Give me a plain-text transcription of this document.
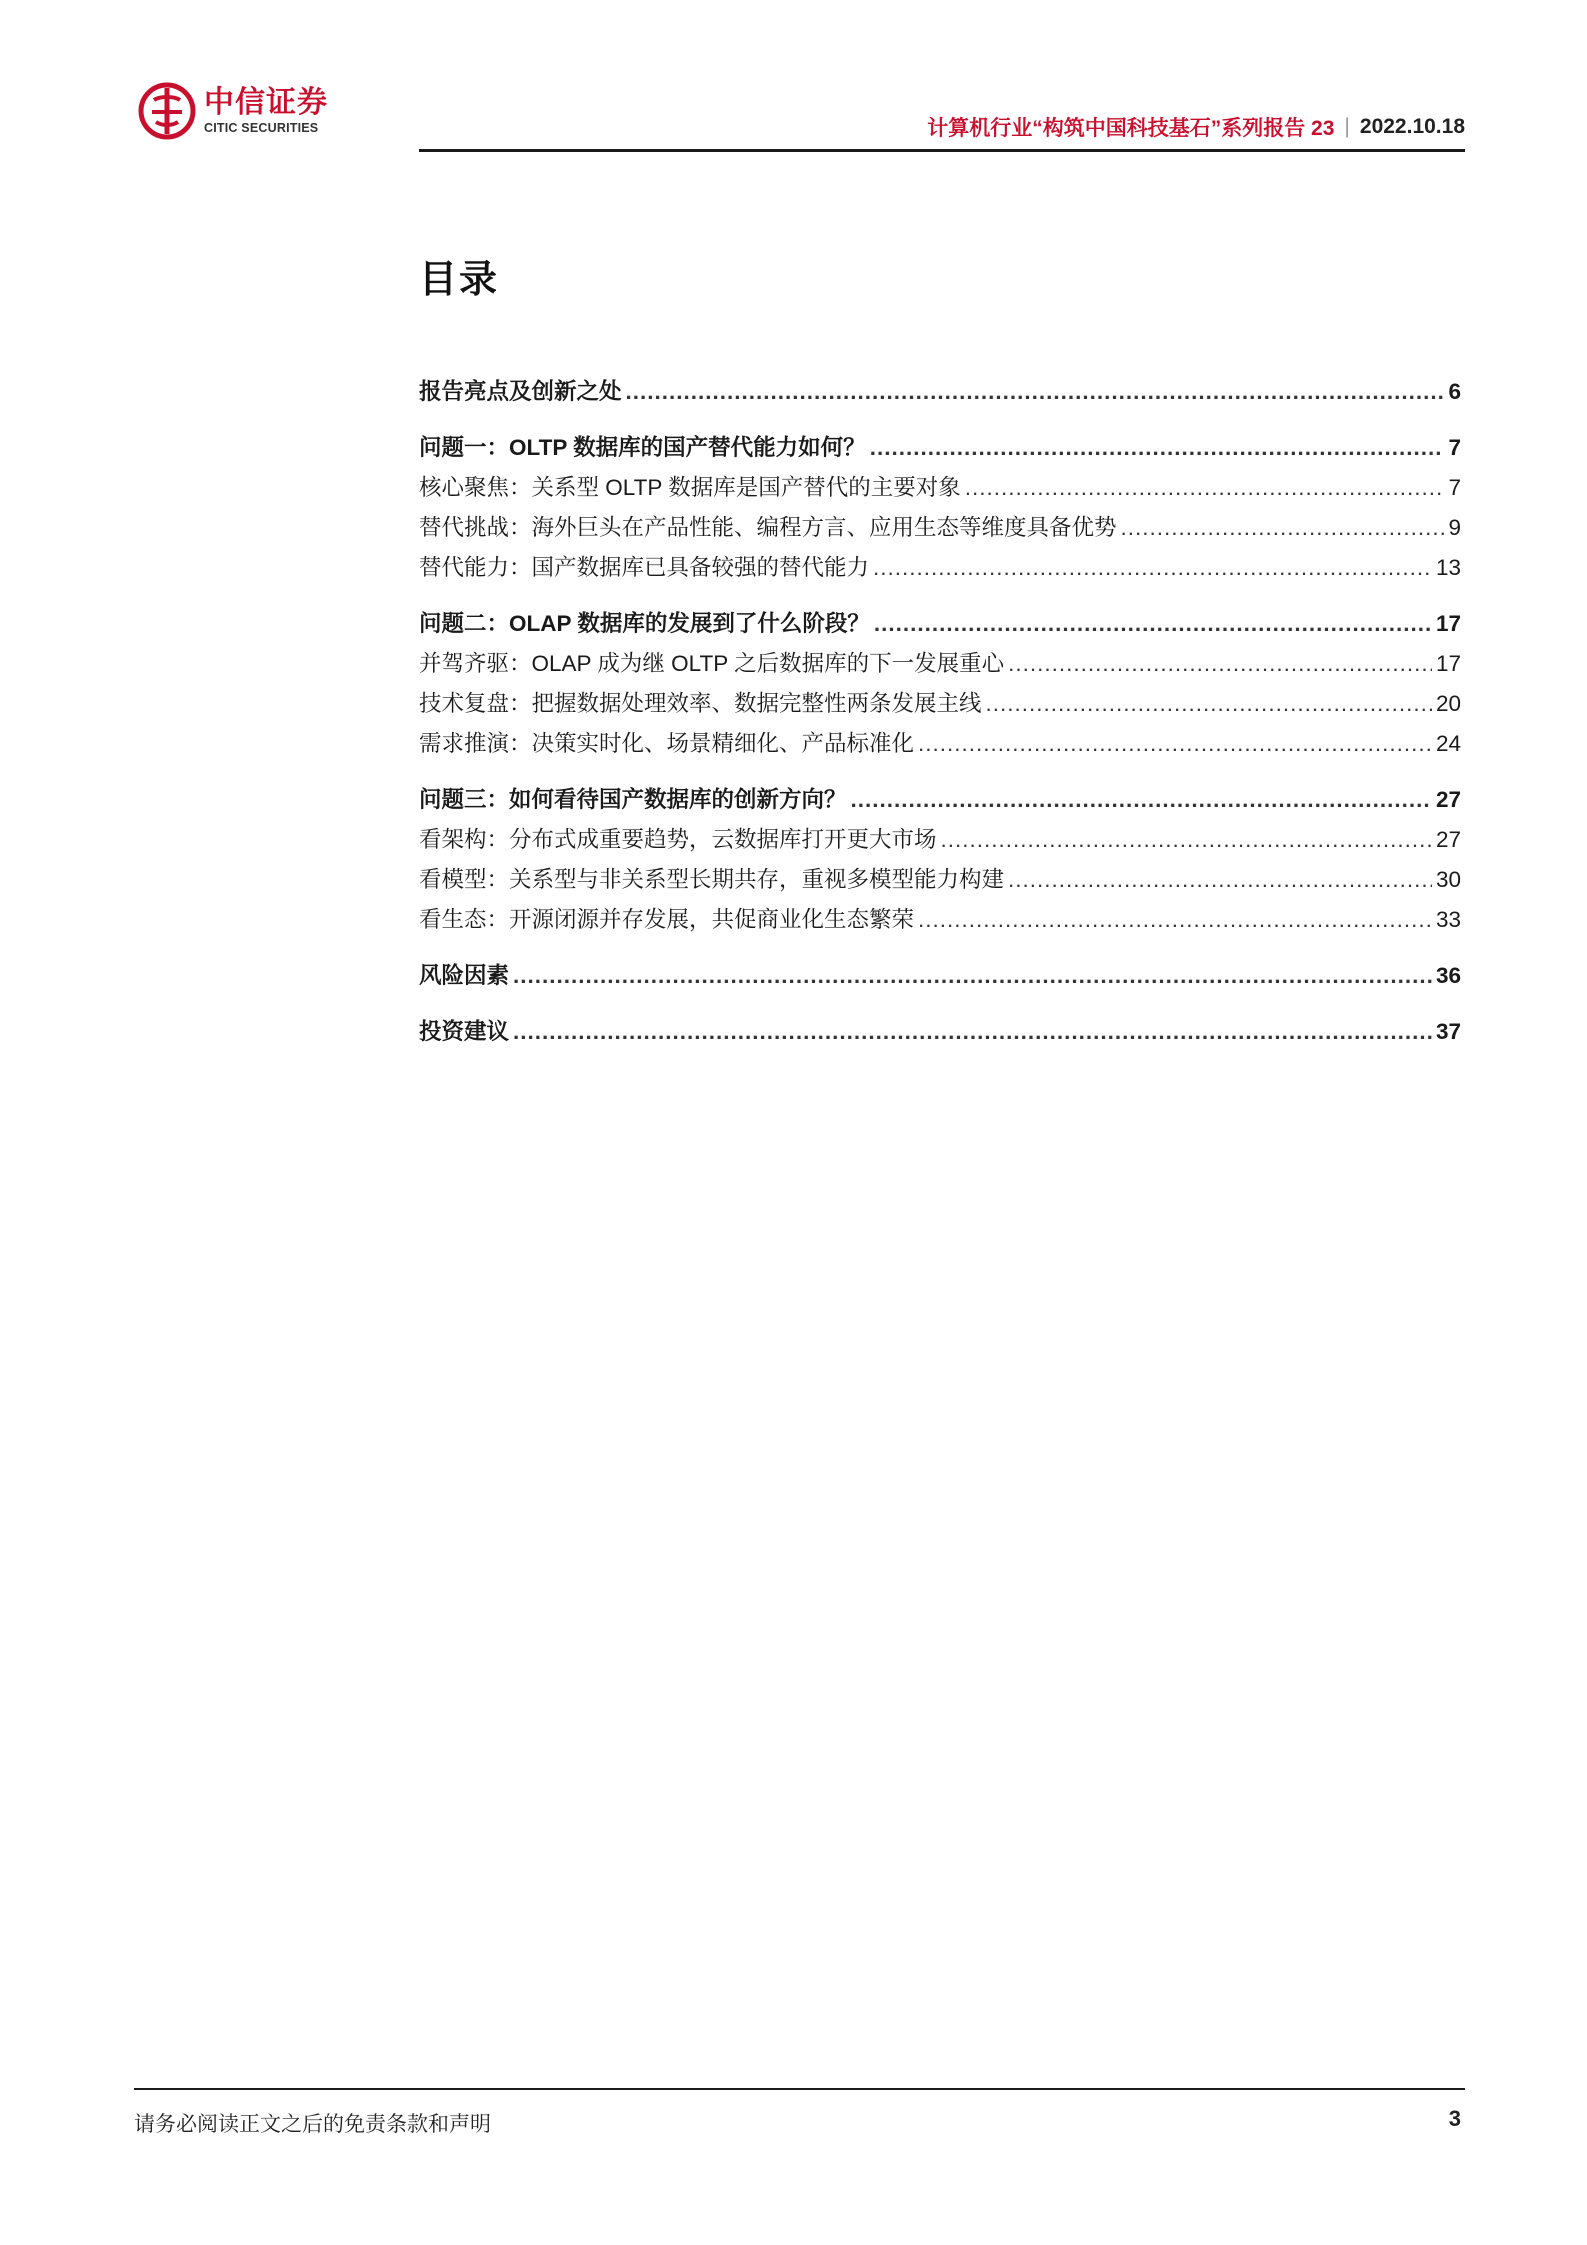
中信证券
CITIC SECURITIES	计算机行业“构筑中国科技基石”系列报告 23 | 2022.10.18
目录
报告亮点及创新之处 .....	6
问题一：OLTP 数据库的国产替代能力如何？ .....	7
核心聚焦：关系型 OLTP 数据库是国产替代的主要对象 .....	7
替代挑战：海外巨头在产品性能、编程方言、应用生态等维度具备优势 .....	9
替代能力：国产数据库已具备较强的替代能力 .....	13
问题二：OLAP 数据库的发展到了什么阶段？ .....	17
并驾齐驱：OLAP 成为继 OLTP 之后数据库的下一发展重心 .....	17
技术复盘：把握数据处理效率、数据完整性两条发展主线 .....	20
需求推演：决策实时化、场景精细化、产品标准化 .....	24
问题三：如何看待国产数据库的创新方向？ .....	27
看架构：分布式成重要趋势，云数据库打开更大市场 .....	27
看模型：关系型与非关系型长期共存，重视多模型能力构建 .....	30
看生态：开源闭源并存发展，共促商业化生态繁荣 .....	33
风险因素 .....	36
投资建议 .....	37
请务必阅读正文之后的免责条款和声明	3
